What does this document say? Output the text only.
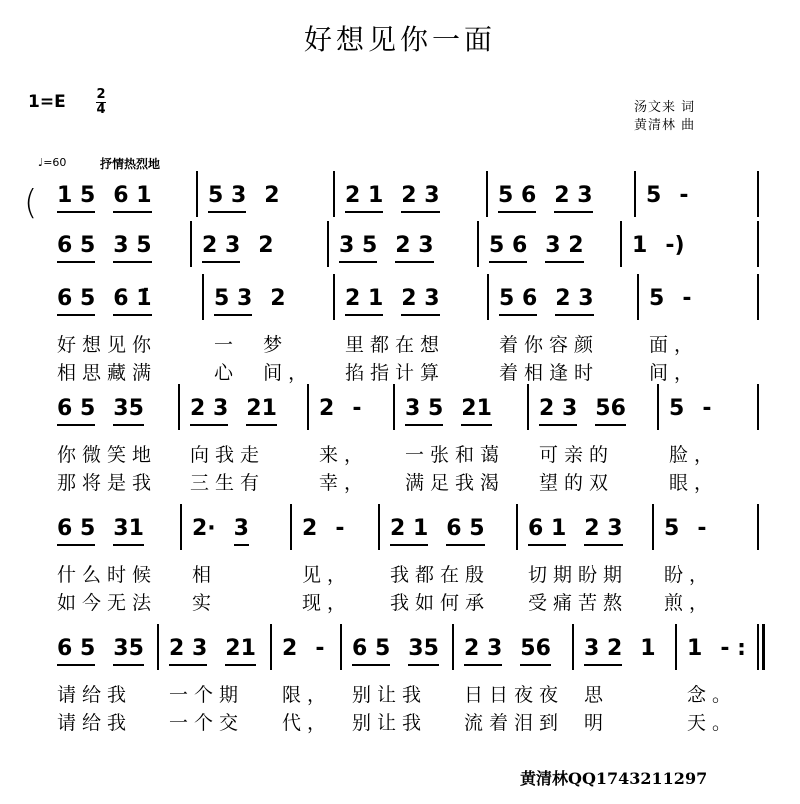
好想见你一面
1=E 2
4	汤文来 词
黄清林 曲
♩=60	抒情热烈地
( 1 5 6 1	5 3 2	2 1 2 3	5 6 2 3 5 -
6 5 3 5 2 3 2	3 5 2 3	5 6 3 2 1 -)
6 5 6 1̇
好想见你
相思藏满
5 3 2
一  梦
心  间，
2 1 2 3
里都在想
掐指计算
5 6 2 3
着你容颜
着相逢时
5 -
面，
间，
6 5 35
你微笑地
那将是我
2 3 21
向我走
三生有
2 -
来，
幸，
3 5 21
一张和蔼
满足我渴
2 3 56
可亲的
望的双
5 -
脸，
眼，
6 5 31
什么时候
如今无法
2· 3
相
实
2 -
见，
现，
2 1 6 5
我都在殷
我如何承
6 1 2 3
切期盼期
受痛苦熬
5 -
盼，
煎，
6 5 35
请给我
请给我
2 3 21
一个期
一个交
2 -
限，
代，
6 5 35
别让我
别让我
2 3 56
日日夜夜
流着泪到
3 2 1
思
明
1 - :
念。
天。
黄清林QQ1743211297
